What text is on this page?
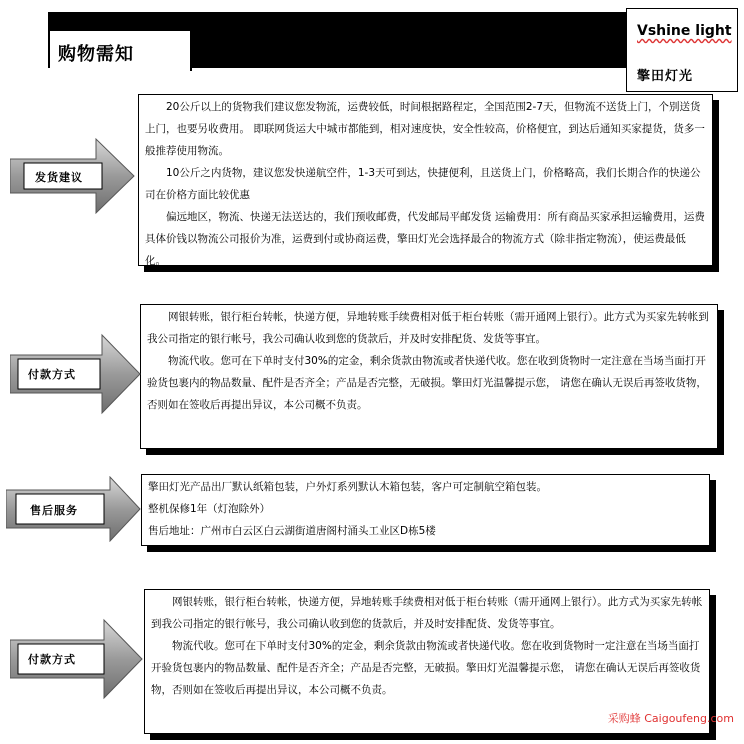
购物需知
Vshine light
擎田灯光

20公斤以上的货物我们建议您发物流，运费较低，时间根据路程定，全国范围2-7天，但物流不送货上门，个别送货上门，也要另收费用。 即联网货运大中城市都能到，相对速度快，安全性较高，价格便宜，到达后通知买家提货，货多一般推荐使用物流。

10公斤之内货物，建议您发快递航空件，1-3天可到达，快捷便利，且送货上门，价格略高，我们长期合作的快递公司在价格方面比较优惠

偏远地区，物流、快递无法送达的，我们预收邮费，代发邮局平邮发货 运输费用：所有商品买家承担运输费用，运费具体价钱以物流公司报价为准，运费到付或协商运费，擎田灯光会选择最合的物流方式（除非指定物流），使运费最低化。

发货建议

网银转账，银行柜台转帐，快递方便，异地转账手续费相对低于柜台转账（需开通网上银行）。此方式为买家先转帐到我公司指定的银行帐号，我公司确认收到您的货款后，并及时安排配货、发货等事宜。

物流代收。您可在下单时支付30%的定金，剩余货款由物流或者快递代收。您在收到货物时一定注意在当场当面打开验货包裹内的物品数量、配件是否齐全；产品是否完整，无破损。擎田灯光温馨提示您， 请您在确认无误后再签收货物，否则如在签收后再提出异议，本公司概不负责。

付款方式

擎田灯光产品出厂默认纸箱包装，户外灯系列默认木箱包装，客户可定制航空箱包装。

整机保修1年（灯泡除外）

售后地址：广州市白云区白云湖街道唐阁村涌头工业区D栋5楼

售后服务

网银转账，银行柜台转帐，快递方便，异地转账手续费相对低于柜台转账（需开通网上银行）。此方式为买家先转帐到我公司指定的银行帐号，我公司确认收到您的货款后，并及时安排配货、发货等事宜。

物流代收。您可在下单时支付30%的定金，剩余货款由物流或者快递代收。您在收到货物时一定注意在当场当面打开验货包裹内的物品数量、配件是否齐全；产品是否完整，无破损。擎田灯光温馨提示您， 请您在确认无误后再签收货物，否则如在签收后再提出异议，本公司概不负责。

付款方式
采购蜂 Caigoufeng.com
